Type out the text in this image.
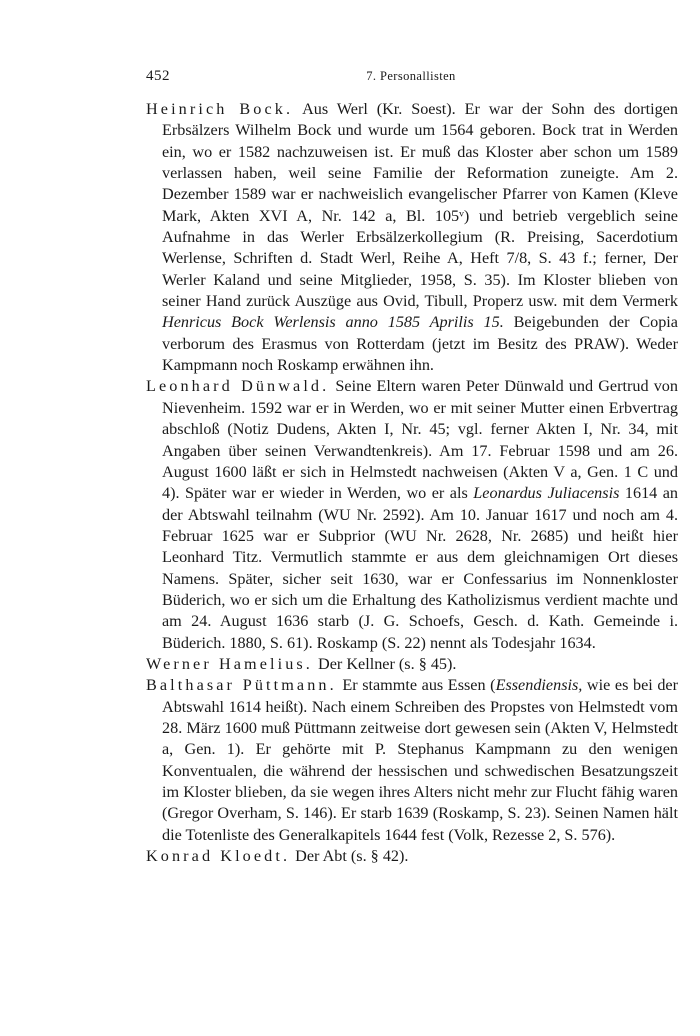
452	7. Personallisten

Heinrich Bock. Aus Werl (Kr. Soest). Er war der Sohn des dortigen Erbsälzers Wilhelm Bock und wurde um 1564 geboren. Bock trat in Werden ein, wo er 1582 nachzuweisen ist. Er muß das Kloster aber schon um 1589 verlassen haben, weil seine Familie der Reformation zuneigte. Am 2. Dezember 1589 war er nachweislich evangelischer Pfarrer von Kamen (Kleve Mark, Akten XVI A, Nr. 142 a, Bl. 105ᵛ) und betrieb vergeblich seine Aufnahme in das Werler Erbsälzerkollegium (R. Preising, Sacerdotium Werlense, Schriften d. Stadt Werl, Reihe A, Heft 7/8, S. 43 f.; ferner, Der Werler Kaland und seine Mitglieder, 1958, S. 35). Im Kloster blieben von seiner Hand zurück Auszüge aus Ovid, Tibull, Properz usw. mit dem Vermerk Henricus Bock Werlensis anno 1585 Aprilis 15. Beigebunden der Copia verborum des Erasmus von Rotterdam (jetzt im Besitz des PRAW). Weder Kampmann noch Roskamp erwähnen ihn.

Leonhard Dünwald. Seine Eltern waren Peter Dünwald und Gertrud von Nievenheim. 1592 war er in Werden, wo er mit seiner Mutter einen Erbvertrag abschloß (Notiz Dudens, Akten I, Nr. 45; vgl. ferner Akten I, Nr. 34, mit Angaben über seinen Verwandtenkreis). Am 17. Februar 1598 und am 26. August 1600 läßt er sich in Helmstedt nachweisen (Akten V a, Gen. 1 C und 4). Später war er wieder in Werden, wo er als Leonardus Juliacensis 1614 an der Abtswahl teilnahm (WU Nr. 2592). Am 10. Januar 1617 und noch am 4. Februar 1625 war er Subprior (WU Nr. 2628, Nr. 2685) und heißt hier Leonhard Titz. Vermutlich stammte er aus dem gleichnamigen Ort dieses Namens. Später, sicher seit 1630, war er Confessarius im Nonnenkloster Büderich, wo er sich um die Erhaltung des Katholizismus verdient machte und am 24. August 1636 starb (J. G. Schoefs, Gesch. d. Kath. Gemeinde i. Büderich. 1880, S. 61). Roskamp (S. 22) nennt als Todesjahr 1634.

Werner Hamelius. Der Kellner (s. § 45).

Balthasar Püttmann. Er stammte aus Essen (Essendiensis, wie es bei der Abtswahl 1614 heißt). Nach einem Schreiben des Propstes von Helmstedt vom 28. März 1600 muß Püttmann zeitweise dort gewesen sein (Akten V, Helmstedt a, Gen. 1). Er gehörte mit P. Stephanus Kampmann zu den wenigen Konventualen, die während der hessischen und schwedischen Besatzungszeit im Kloster blieben, da sie wegen ihres Alters nicht mehr zur Flucht fähig waren (Gregor Overham, S. 146). Er starb 1639 (Roskamp, S. 23). Seinen Namen hält die Totenliste des Generalkapitels 1644 fest (Volk, Rezesse 2, S. 576).

Konrad Kloedt. Der Abt (s. § 42).
